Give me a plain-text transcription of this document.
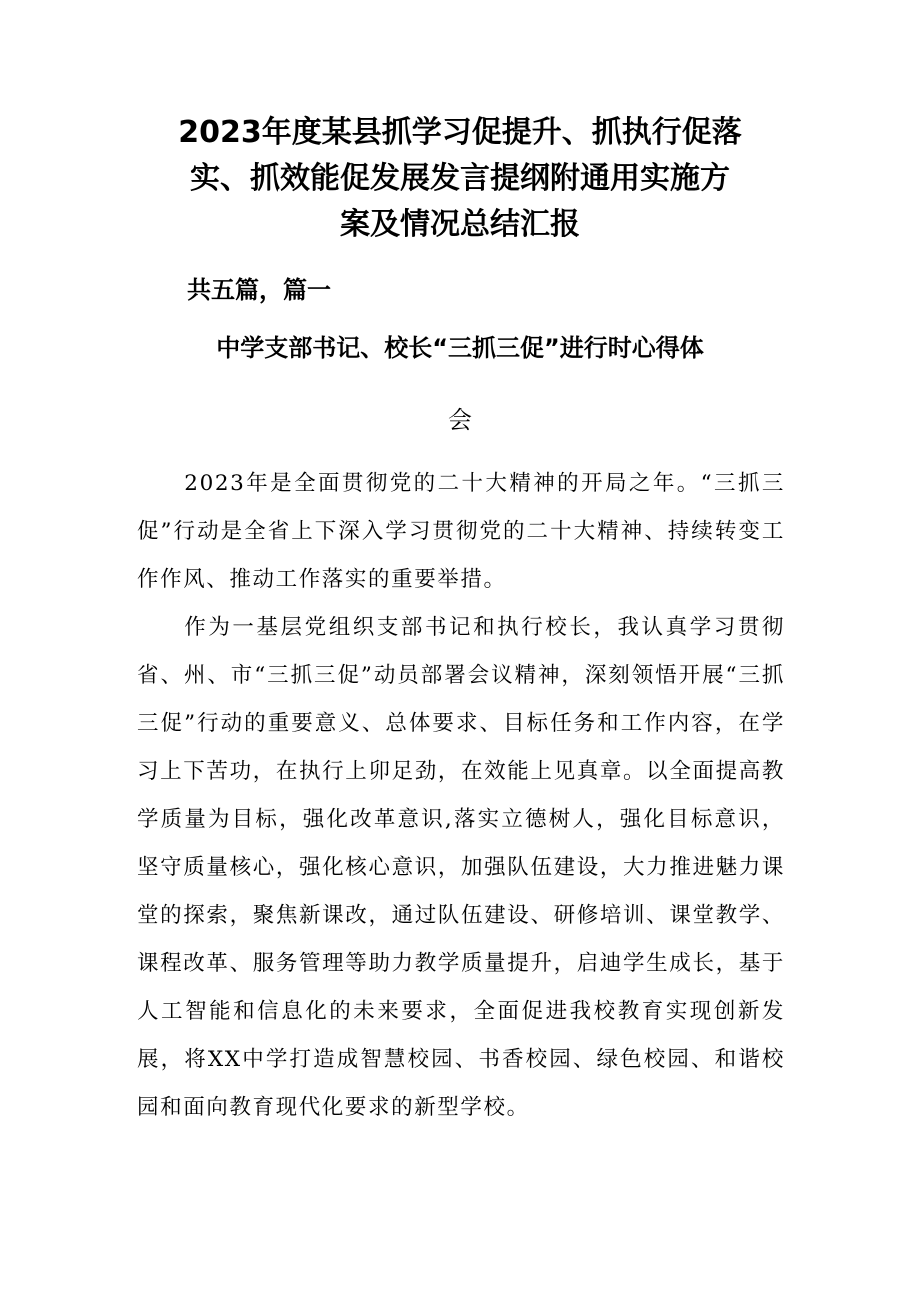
2023年度某县抓学习促提升、抓执行促落
实、抓效能促发展发言提纲附通用实施方
案及情况总结汇报
共五篇，篇一
中学支部书记、校长“三抓三促”进行时心得体
会

2023年是全面贯彻党的二十大精神的开局之年。“三抓三促”行动是全省上下深入学习贯彻党的二十大精神、持续转变工作作风、推动工作落实的重要举措。

作为一基层党组织支部书记和执行校长，我认真学习贯彻省、州、市“三抓三促”动员部署会议精神，深刻领悟开展“三抓三促”行动的重要意义、总体要求、目标任务和工作内容，在学习上下苦功，在执行上卯足劲，在效能上见真章。以全面提高教学质量为目标，强化改革意识,落实立德树人，强化目标意识，坚守质量核心，强化核心意识，加强队伍建设，大力推进魅力课堂的探索，聚焦新课改，通过队伍建设、研修培训、课堂教学、课程改革、服务管理等助力教学质量提升，启迪学生成长，基于人工智能和信息化的未来要求，全面促进我校教育实现创新发展，将XX中学打造成智慧校园、书香校园、绿色校园、和谐校园和面向教育现代化要求的新型学校。
